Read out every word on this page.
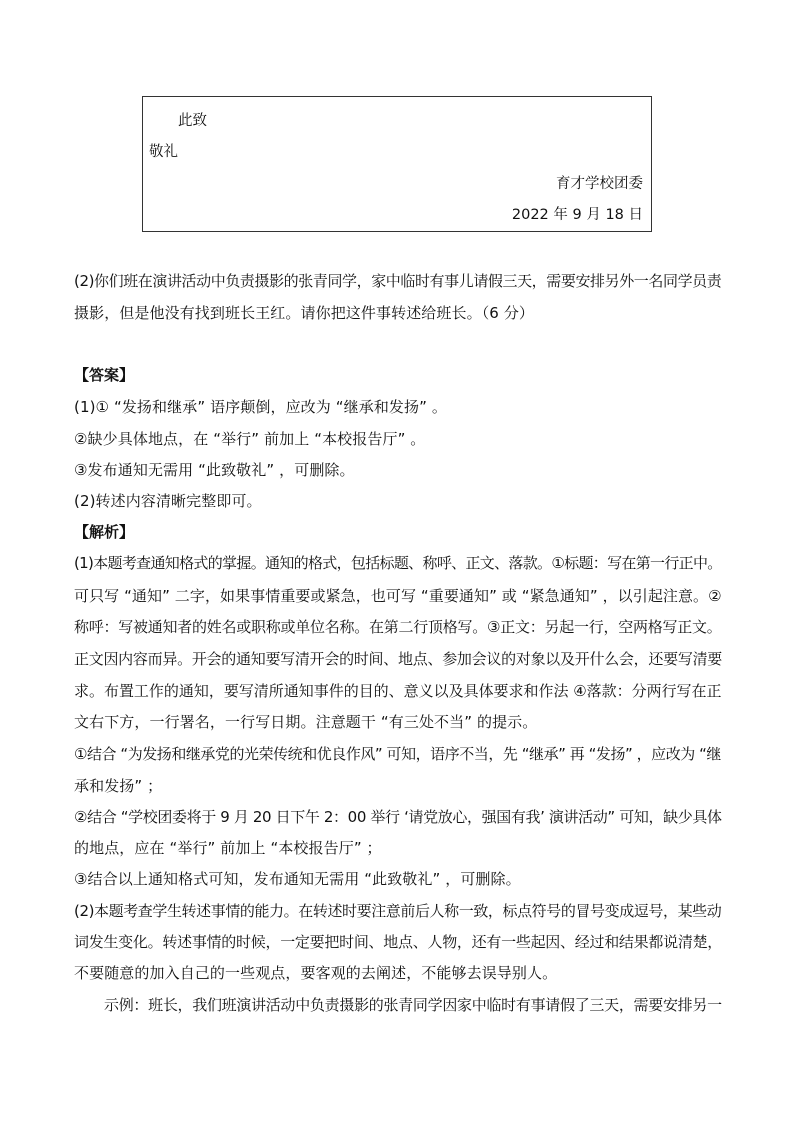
此致
敬礼
育才学校团委
2022 年 9 月 18 日
(2)你们班在演讲活动中负责摄影的张青同学，家中临时有事儿请假三天，需要安排另外一名同学员责
摄影，但是他没有找到班长王红。请你把这件事转述给班长。（6 分）
【答案】
(1)① “发扬和继承” 语序颠倒，应改为 “继承和发扬” 。
②缺少具体地点，在 “举行” 前加上 “本校报告厅” 。
③发布通知无需用 “此致敬礼” ，可删除。
(2)转述内容清晰完整即可。
【解析】
(1)本题考查通知格式的掌握。通知的格式，包括标题、称呼、正文、落款。①标题：写在第一行正中。
可只写 “通知” 二字，如果事情重要或紧急，也可写 “重要通知” 或 “紧急通知” ，以引起注意。②
称呼：写被通知者的姓名或职称或单位名称。在第二行顶格写。③正文：另起一行，空两格写正文。
正文因内容而异。开会的通知要写清开会的时间、地点、参加会议的对象以及开什么会，还要写清要
求。布置工作的通知，要写清所通知事件的目的、意义以及具体要求和作法 ④落款：分两行写在正
文右下方，一行署名，一行写日期。注意题干 “有三处不当” 的提示。
①结合 “为发扬和继承党的光荣传统和优良作风” 可知，语序不当，先 “继承” 再 “发扬” ，应改为 “继
承和发扬” ；
②结合 “学校团委将于 9 月 20 日下午 2：00 举行 ‘请党放心，强国有我’ 演讲活动” 可知，缺少具体
的地点，应在 “举行” 前加上 “本校报告厅” ；
③结合以上通知格式可知，发布通知无需用 “此致敬礼” ，可删除。
(2)本题考查学生转述事情的能力。在转述时要注意前后人称一致，标点符号的冒号变成逗号，某些动
词发生变化。转述事情的时候，一定要把时间、地点、人物，还有一些起因、经过和结果都说清楚，
不要随意的加入自己的一些观点，要客观的去阐述，不能够去误导别人。
示例：班长，我们班演讲活动中负责摄影的张青同学因家中临时有事请假了三天，需要安排另一
